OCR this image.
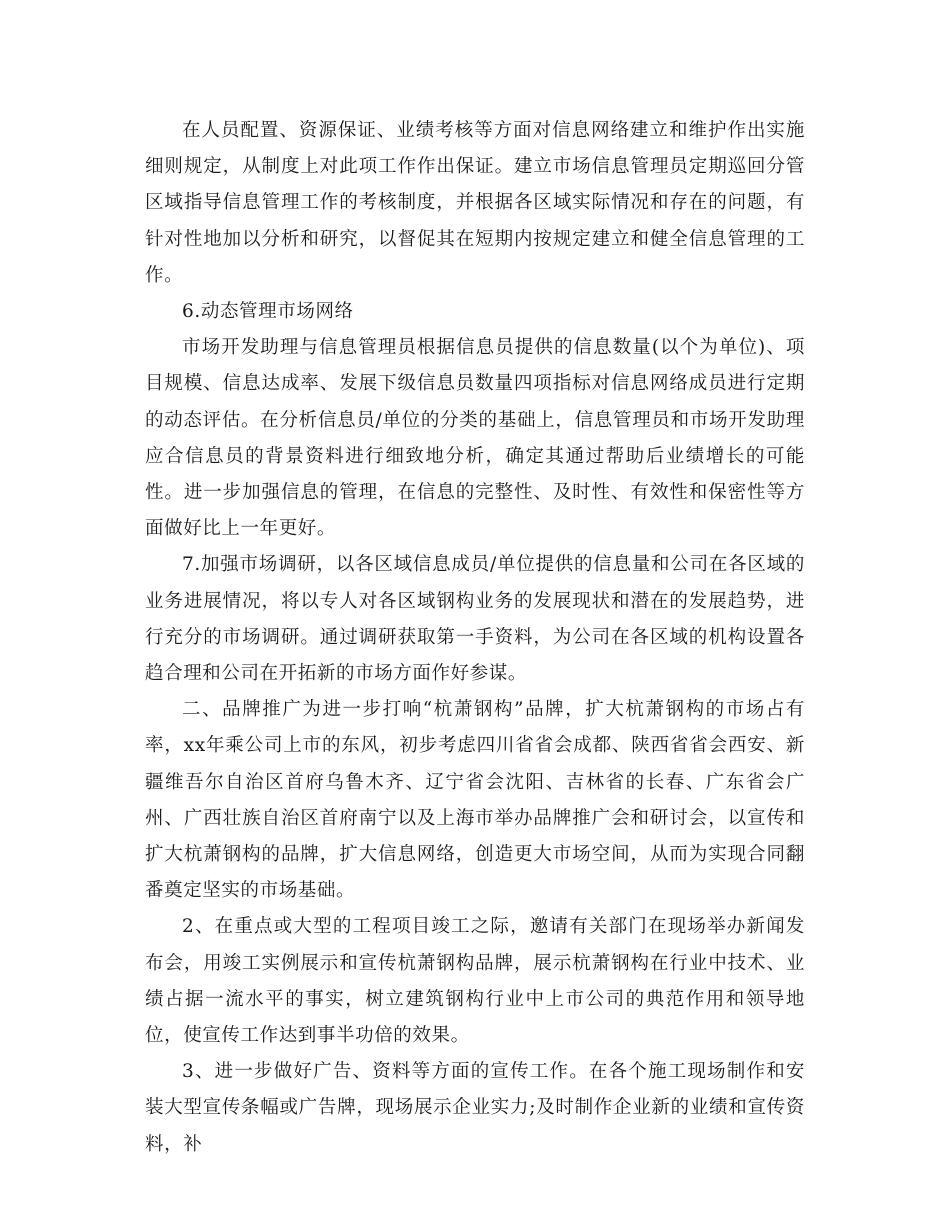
在人员配置、资源保证、业绩考核等方面对信息网络建立和维护作出实施细则规定，从制度上对此项工作作出保证。建立市场信息管理员定期巡回分管区域指导信息管理工作的考核制度，并根据各区域实际情况和存在的问题，有针对性地加以分析和研究，以督促其在短期内按规定建立和健全信息管理的工作。

6.动态管理市场网络

市场开发助理与信息管理员根据信息员提供的信息数量(以个为单位)、项目规模、信息达成率、发展下级信息员数量四项指标对信息网络成员进行定期的动态评估。在分析信息员/单位的分类的基础上，信息管理员和市场开发助理应合信息员的背景资料进行细致地分析，确定其通过帮助后业绩增长的可能性。进一步加强信息的管理，在信息的完整性、及时性、有效性和保密性等方面做好比上一年更好。

7.加强市场调研，以各区域信息成员/单位提供的信息量和公司在各区域的业务进展情况，将以专人对各区域钢构业务的发展现状和潜在的发展趋势，进行充分的市场调研。通过调研获取第一手资料，为公司在各区域的机构设置各趋合理和公司在开拓新的市场方面作好参谋。

二、品牌推广为进一步打响“杭萧钢构”品牌，扩大杭萧钢构的市场占有率，xx年乘公司上市的东风，初步考虑四川省省会成都、陕西省省会西安、新疆维吾尔自治区首府乌鲁木齐、辽宁省会沈阳、吉林省的长春、广东省会广州、广西壮族自治区首府南宁以及上海市举办品牌推广会和研讨会，以宣传和扩大杭萧钢构的品牌，扩大信息网络，创造更大市场空间，从而为实现合同翻番奠定坚实的市场基础。

2、在重点或大型的工程项目竣工之际，邀请有关部门在现场举办新闻发布会，用竣工实例展示和宣传杭萧钢构品牌，展示杭萧钢构在行业中技术、业绩占据一流水平的事实，树立建筑钢构行业中上市公司的典范作用和领导地位，使宣传工作达到事半功倍的效果。

3、进一步做好广告、资料等方面的宣传工作。在各个施工现场制作和安装大型宣传条幅或广告牌，现场展示企业实力;及时制作企业新的业绩和宣传资料，补
